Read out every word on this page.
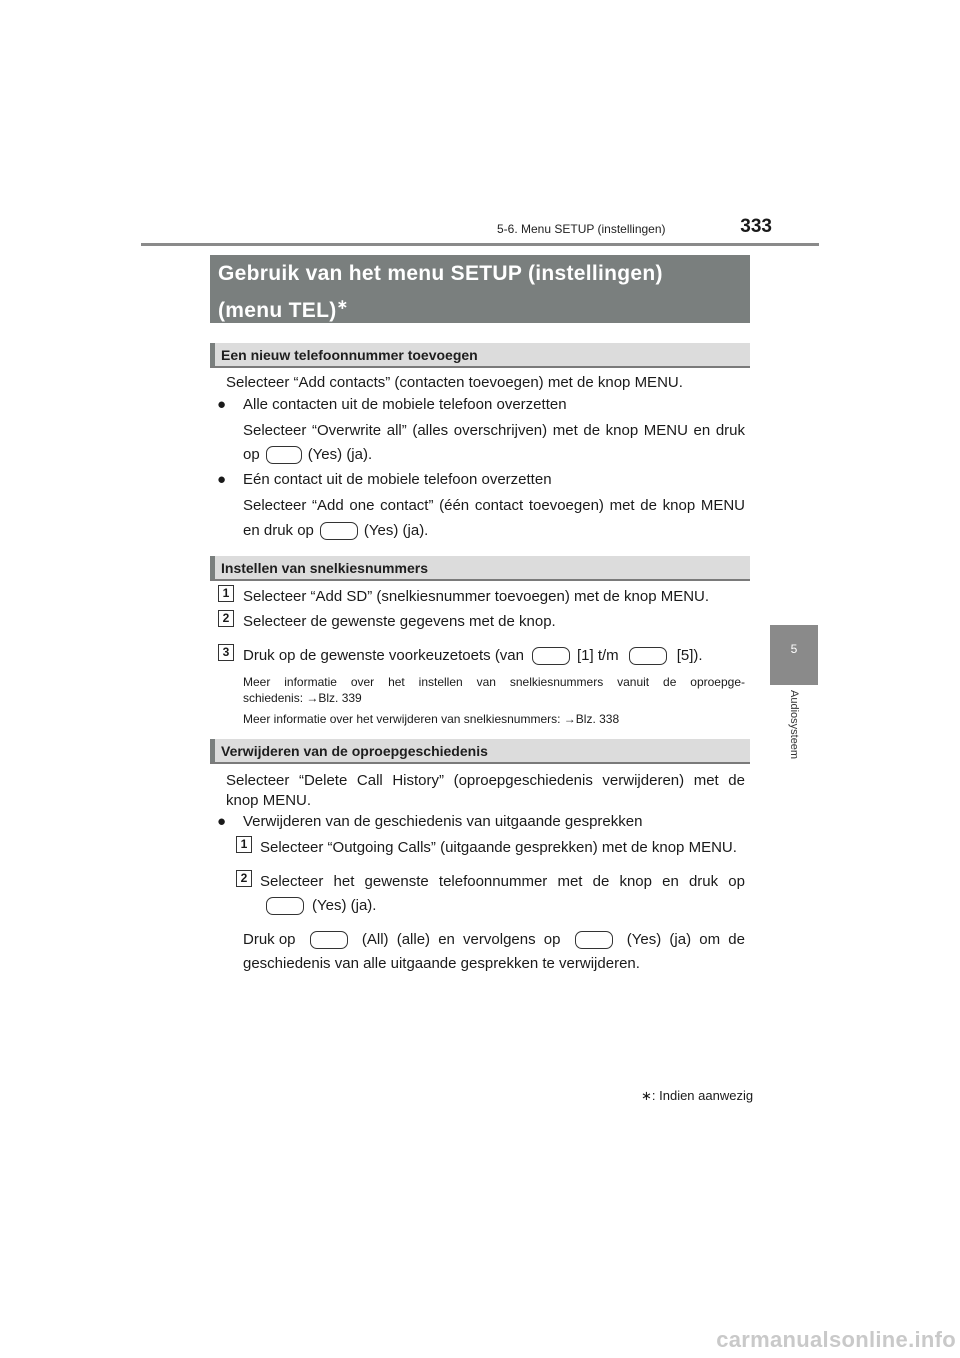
5-6. Menu SETUP (instellingen)	333
5
Audiosysteem
Gebruik van het menu SETUP (instellingen)
(menu TEL)∗
Een nieuw telefoonnummer toevoegen
Selecteer “Add contacts” (contacten toevoegen) met de knop MENU.
● Alle contacten uit de mobiele telefoon overzetten
Selecteer “Overwrite all” (alles overschrijven) met de knop MENU en druk
op	(Yes) (ja).
● Eén contact uit de mobiele telefoon overzetten
Selecteer “Add one contact” (één contact toevoegen) met de knop MENU
en druk op	(Yes) (ja).
Instellen van snelkiesnummers
1 Selecteer “Add SD” (snelkiesnummer toevoegen) met de knop MENU.
2 Selecteer de gewenste gegevens met de knop.
3 Druk op de gewenste voorkeuzetoets (van	[1] t/m	[5]).
Meer informatie over het instellen van snelkiesnummers vanuit de oproepge-
schiedenis: →Blz. 339
Meer informatie over het verwijderen van snelkiesnummers: →Blz. 338
Verwijderen van de oproepgeschiedenis
Selecteer “Delete Call History” (oproepgeschiedenis verwijderen) met de
knop MENU.
● Verwijderen van de geschiedenis van uitgaande gesprekken
1 Selecteer “Outgoing Calls” (uitgaande gesprekken) met de knop MENU.
2 Selecteer het gewenste telefoonnummer met de knop en druk op
(Yes) (ja).
Druk op	(All) (alle) en vervolgens op	(Yes) (ja) om de
geschiedenis van alle uitgaande gesprekken te verwijderen.
∗: Indien aanwezig
carmanualsonline.info
